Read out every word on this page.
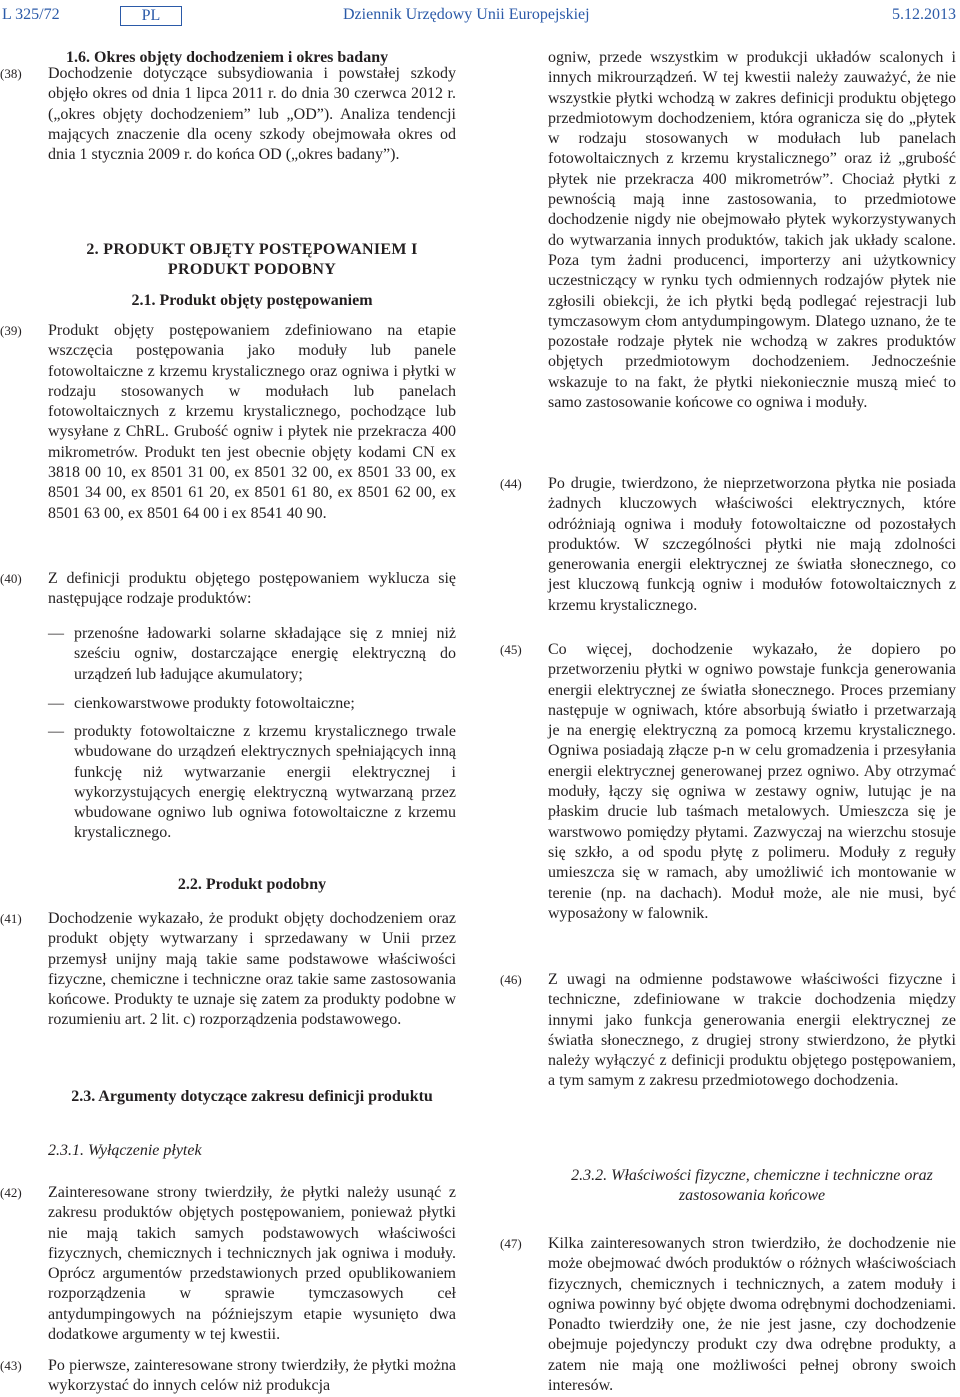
L 325/72	PL	Dziennik Urzędowy Unii Europejskiej	5.12.2013
1.6. Okres objęty dochodzeniem i okres badany
(38) Dochodzenie dotyczące subsydiowania i powstałej szkody objęło okres od dnia 1 lipca 2011 r. do dnia 30 czerwca 2012 r. („okres objęty dochodzeniem” lub „OD”). Analiza tendencji mających znaczenie dla oceny szkody obejmowała okres od dnia 1 stycznia 2009 r. do końca OD („okres badany”).
2. PRODUKT OBJĘTY POSTĘPOWANIEM I PRODUKT PODOBNY
2.1. Produkt objęty postępowaniem
(39) Produkt objęty postępowaniem zdefiniowano na etapie wszczęcia postępowania jako moduły lub panele fotowoltaiczne z krzemu krystalicznego oraz ogniwa i płytki w rodzaju stosowanych w modułach lub panelach fotowoltaicznych z krzemu krystalicznego, pochodzące lub wysyłane z ChRL. Grubość ogniw i płytek nie przekracza 400 mikrometrów. Produkt ten jest obecnie objęty kodami CN ex 3818 00 10, ex 8501 31 00, ex 8501 32 00, ex 8501 33 00, ex 8501 34 00, ex 8501 61 20, ex 8501 61 80, ex 8501 62 00, ex 8501 63 00, ex 8501 64 00 i ex 8541 40 90.
(40) Z definicji produktu objętego postępowaniem wyklucza się następujące rodzaje produktów:
— przenośne ładowarki solarne składające się z mniej niż sześciu ogniw, dostarczające energię elektryczną do urządzeń lub ładujące akumulatory;
— cienkowarstwowe produkty fotowoltaiczne;
— produkty fotowoltaiczne z krzemu krystalicznego trwale wbudowane do urządzeń elektrycznych spełniających inną funkcję niż wytwarzanie energii elektrycznej i wykorzystujących energię elektryczną wytwarzaną przez wbudowane ogniwo lub ogniwa fotowoltaiczne z krzemu krystalicznego.
2.2. Produkt podobny
(41) Dochodzenie wykazało, że produkt objęty dochodzeniem oraz produkt objęty wytwarzany i sprzedawany w Unii przez przemysł unijny mają takie same podstawowe właściwości fizyczne, chemiczne i techniczne oraz takie same zastosowania końcowe. Produkty te uznaje się zatem za produkty podobne w rozumieniu art. 2 lit. c) rozporządzenia podstawowego.
2.3. Argumenty dotyczące zakresu definicji produktu
2.3.1. Wyłączenie płytek
(42) Zainteresowane strony twierdziły, że płytki należy usunąć z zakresu produktów objętych postępowaniem, ponieważ płytki nie mają takich samych podstawowych właściwości fizycznych, chemicznych i technicznych jak ogniwa i moduły. Oprócz argumentów przedstawionych przed opublikowaniem rozporządzenia w sprawie tymczasowych ceł antydumpingowych na późniejszym etapie wysunięto dwa dodatkowe argumenty w tej kwestii.
(43) Po pierwsze, zainteresowane strony twierdziły, że płytki można wykorzystać do innych celów niż produkcja
ogniw, przede wszystkim w produkcji układów scalonych i innych mikrourządzeń. W tej kwestii należy zauważyć, że nie wszystkie płytki wchodzą w zakres definicji produktu objętego przedmiotowym dochodzeniem, która ogranicza się do „płytek w rodzaju stosowanych w modułach lub panelach fotowoltaicznych z krzemu krystalicznego” oraz iż „grubość płytek nie przekracza 400 mikrometrów”. Chociaż płytki z pewnością mają inne zastosowania, to przedmiotowe dochodzenie nigdy nie obejmowało płytek wykorzystywanych do wytwarzania innych produktów, takich jak układy scalone. Poza tym żadni producenci, importerzy ani użytkownicy uczestniczący w rynku tych odmiennych rodzajów płytek nie zgłosili obiekcji, że ich płytki będą podlegać rejestracji lub tymczasowym cłom antydumpingowym. Dlatego uznano, że te pozostałe rodzaje płytek nie wchodzą w zakres produktów objętych przedmiotowym dochodzeniem. Jednocześnie wskazuje to na fakt, że płytki niekoniecznie muszą mieć to samo zastosowanie końcowe co ogniwa i moduły.
(44) Po drugie, twierdzono, że nieprzetworzona płytka nie posiada żadnych kluczowych właściwości elektrycznych, które odróżniają ogniwa i moduły fotowoltaiczne od pozostałych produktów. W szczególności płytki nie mają zdolności generowania energii elektrycznej ze światła słonecznego, co jest kluczową funkcją ogniw i modułów fotowoltaicznych z krzemu krystalicznego.
(45) Co więcej, dochodzenie wykazało, że dopiero po przetworzeniu płytki w ogniwo powstaje funkcja generowania energii elektrycznej ze światła słonecznego. Proces przemiany następuje w ogniwach, które absorbują światło i przetwarzają je na energię elektryczną za pomocą krzemu krystalicznego. Ogniwa posiadają złącze p-n w celu gromadzenia i przesyłania energii elektrycznej generowanej przez ogniwo. Aby otrzymać moduły, łączy się ogniwa w zestawy ogniw, lutując je na płaskim drucie lub taśmach metalowych. Umieszcza się je warstwowo pomiędzy płytami. Zazwyczaj na wierzchu stosuje się szkło, a od spodu płytę z polimeru. Moduły z reguły umieszcza się w ramach, aby umożliwić ich montowanie w terenie (np. na dachach). Moduł może, ale nie musi, być wyposażony w falownik.
(46) Z uwagi na odmienne podstawowe właściwości fizyczne i techniczne, zdefiniowane w trakcie dochodzenia między innymi jako funkcja generowania energii elektrycznej ze światła słonecznego, z drugiej strony stwierdzono, że płytki należy wyłączyć z definicji produktu objętego postępowaniem, a tym samym z zakresu przedmiotowego dochodzenia.
2.3.2. Właściwości fizyczne, chemiczne i techniczne oraz zastosowania końcowe
(47) Kilka zainteresowanych stron twierdziło, że dochodzenie nie może obejmować dwóch produktów o różnych właściwościach fizycznych, chemicznych i technicznych, a zatem moduły i ogniwa powinny być objęte dwoma odrębnymi dochodzeniami. Ponadto twierdziły one, że nie jest jasne, czy dochodzenie obejmuje pojedynczy produkt czy dwa odrębne produkty, a zatem nie mają one możliwości pełnej obrony swoich interesów.
